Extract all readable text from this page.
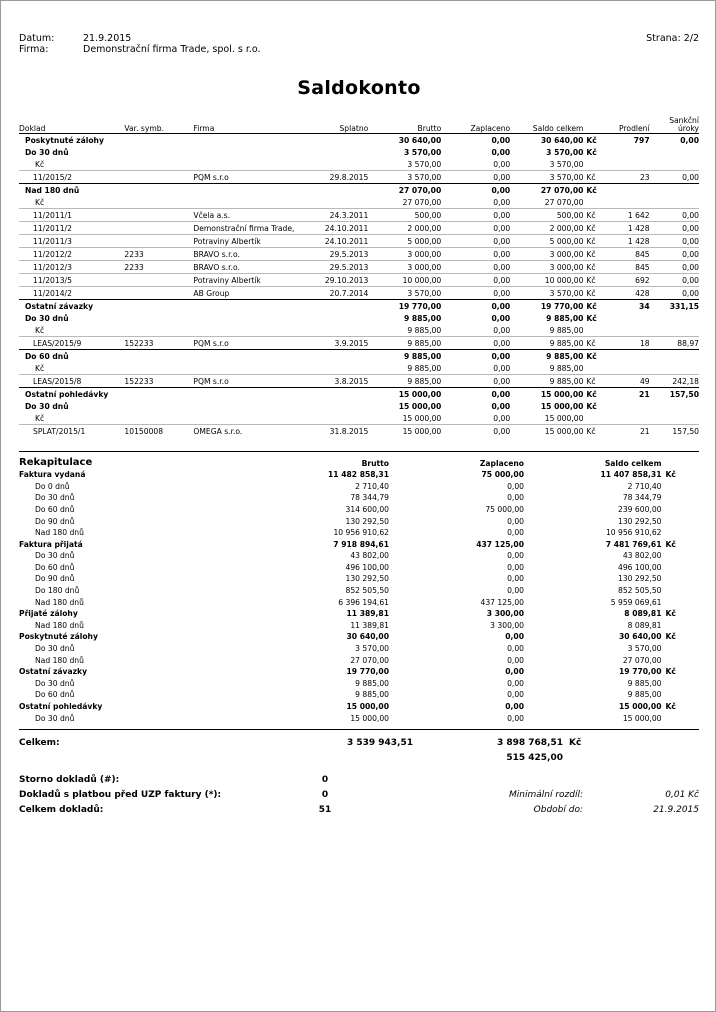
Datum:	21.9.2015	Strana: 2/2
Firma:	Demonstrační firma Trade, spol. s r.o.
Saldokonto
Doklad	Var. symb.	Firma	Splatno	Brutto	Zaplaceno	Saldo celkem		Prodlení	Sankční
úroky

Poskytnuté zálohy				30 640,00	0,00	30 640,00	Kč	797	0,00
Do 30 dnů				3 570,00	0,00	3 570,00	Kč		
Kč				3 570,00	0,00	3 570,00			
11/2015/2		PQM s.r.o	29.8.2015	3 570,00	0,00	3 570,00	Kč	23	0,00
Nad 180 dnů				27 070,00	0,00	27 070,00	Kč		
Kč				27 070,00	0,00	27 070,00			
11/2011/1		Včela a.s.	24.3.2011	500,00	0,00	500,00	Kč	1 642	0,00
11/2011/2		Demonstrační firma Trade,	24.10.2011	2 000,00	0,00	2 000,00	Kč	1 428	0,00
11/2011/3		Potraviny Albertík	24.10.2011	5 000,00	0,00	5 000,00	Kč	1 428	0,00
11/2012/2	2233	BRAVO s.r.o.	29.5.2013	3 000,00	0,00	3 000,00	Kč	845	0,00
11/2012/3	2233	BRAVO s.r.o.	29.5.2013	3 000,00	0,00	3 000,00	Kč	845	0,00
11/2013/5		Potraviny Albertík	29.10.2013	10 000,00	0,00	10 000,00	Kč	692	0,00
11/2014/2		AB Group	20.7.2014	3 570,00	0,00	3 570,00	Kč	428	0,00
Ostatní závazky				19 770,00	0,00	19 770,00	Kč	34	331,15
Do 30 dnů				9 885,00	0,00	9 885,00	Kč		
Kč				9 885,00	0,00	9 885,00			
LEAS/2015/9	152233	PQM s.r.o	3.9.2015	9 885,00	0,00	9 885,00	Kč	18	88,97
Do 60 dnů				9 885,00	0,00	9 885,00	Kč		
Kč				9 885,00	0,00	9 885,00			
LEAS/2015/8	152233	PQM s.r.o	3.8.2015	9 885,00	0,00	9 885,00	Kč	49	242,18
Ostatní pohledávky				15 000,00	0,00	15 000,00	Kč	21	157,50
Do 30 dnů				15 000,00	0,00	15 000,00	Kč		
Kč				15 000,00	0,00	15 000,00			
SPLAT/2015/1	10150008	OMEGA s.r.o.	31.8.2015	15 000,00	0,00	15 000,00	Kč	21	157,50
Rekapitulace	Brutto	Zaplaceno	Saldo celkem	
Faktura vydaná	11 482 858,31	75 000,00	11 407 858,31	Kč
Do 0 dnů	2 710,40	0,00	2 710,40	
Do 30 dnů	78 344,79	0,00	78 344,79	
Do 60 dnů	314 600,00	75 000,00	239 600,00	
Do 90 dnů	130 292,50	0,00	130 292,50	
Nad 180 dnů	10 956 910,62	0,00	10 956 910,62	
Faktura přijatá	7 918 894,61	437 125,00	7 481 769,61	Kč
Do 30 dnů	43 802,00	0,00	43 802,00	
Do 60 dnů	496 100,00	0,00	496 100,00	
Do 90 dnů	130 292,50	0,00	130 292,50	
Do 180 dnů	852 505,50	0,00	852 505,50	
Nad 180 dnů	6 396 194,61	437 125,00	5 959 069,61	
Přijaté zálohy	11 389,81	3 300,00	8 089,81	Kč
Nad 180 dnů	11 389,81	3 300,00	8 089,81	
Poskytnuté zálohy	30 640,00	0,00	30 640,00	Kč
Do 30 dnů	3 570,00	0,00	3 570,00	
Nad 180 dnů	27 070,00	0,00	27 070,00	
Ostatní závazky	19 770,00	0,00	19 770,00	Kč
Do 30 dnů	9 885,00	0,00	9 885,00	
Do 60 dnů	9 885,00	0,00	9 885,00	
Ostatní pohledávky	15 000,00	0,00	15 000,00	Kč
Do 30 dnů	15 000,00	0,00	15 000,00	
Celkem:	3 539 943,51	3 898 768,51	Kč
		515 425,00	
Storno dokladů (#):	0		
Dokladů s platbou před UZP faktury (*):	0	Minimální rozdíl:	0,01 Kč
Celkem dokladů:	51	Období do:	21.9.2015
